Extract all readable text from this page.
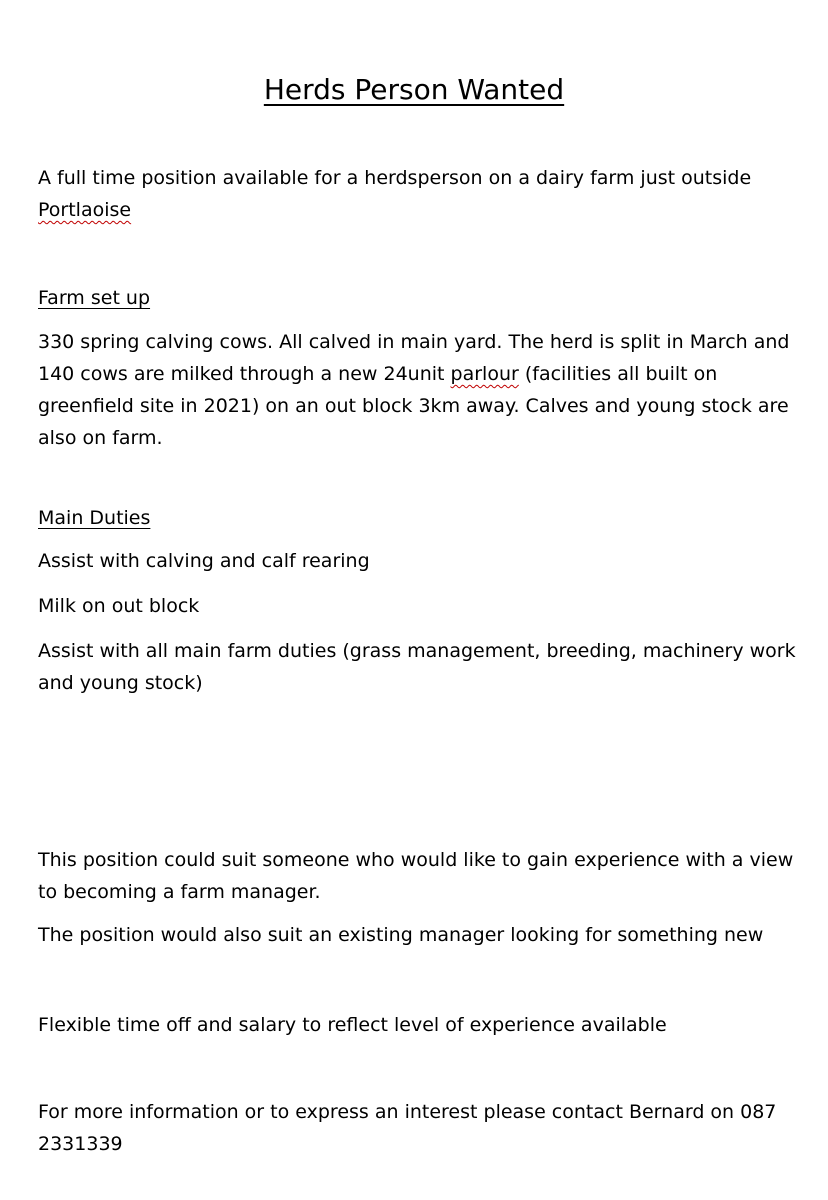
Herds Person Wanted

A full time position available for a herdsperson on a dairy farm just outside Portlaoise

Farm set up

330 spring calving cows. All calved in main yard. The herd is split in March and 140 cows are milked through a new 24unit parlour (facilities all built on greenfield site in 2021) on an out block 3km away. Calves and young stock are also on farm.

Main Duties

Assist with calving and calf rearing

Milk on out block

Assist with all main farm duties (grass management, breeding, machinery work and young stock)

This position could suit someone who would like to gain experience with a view to becoming a farm manager.

The position would also suit an existing manager looking for something new

Flexible time off and salary to reflect level of experience available

For more information or to express an interest please contact Bernard on 087 2331339
